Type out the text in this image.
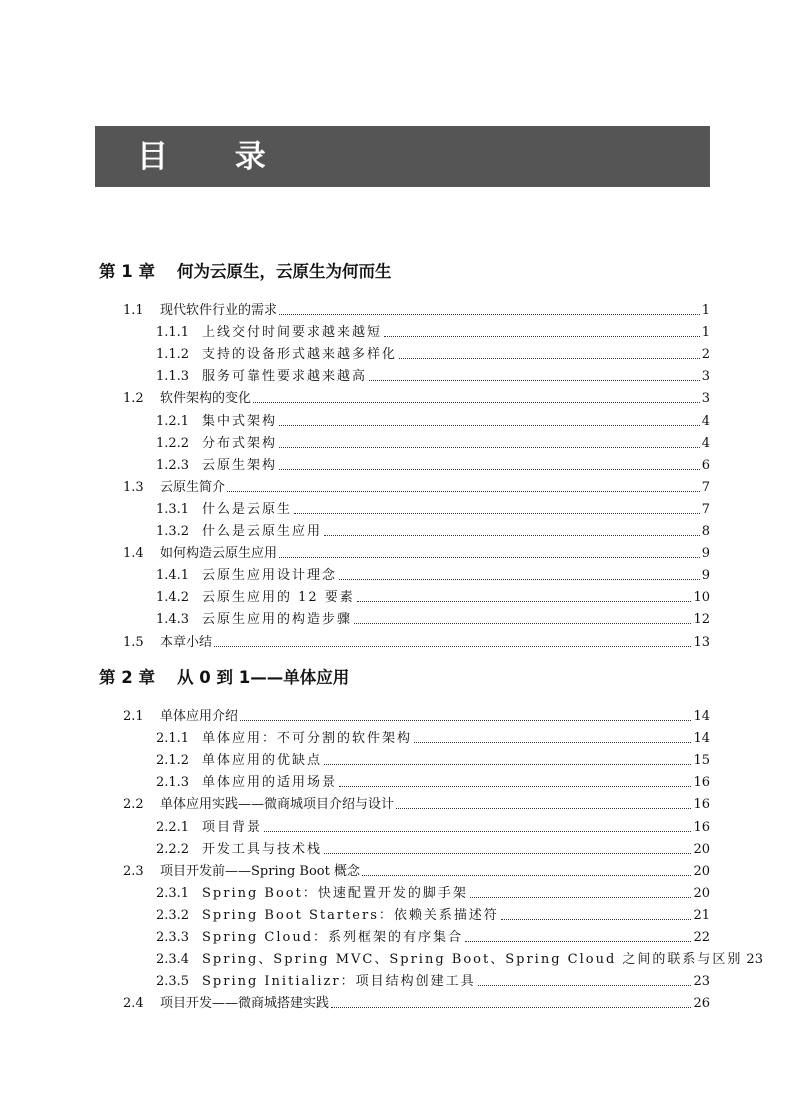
目 录
第 1 章 何为云原生，云原生为何而生
1.1	现代软件行业的需求	1
1.1.1 上线交付时间要求越来越短	1
1.1.2 支持的设备形式越来越多样化	2
1.1.3 服务可靠性要求越来越高	3
1.2	软件架构的变化	3
1.2.1 集中式架构	4
1.2.2 分布式架构	4
1.2.3 云原生架构	6
1.3	云原生简介	7
1.3.1 什么是云原生	7
1.3.2 什么是云原生应用	8
1.4	如何构造云原生应用	9
1.4.1 云原生应用设计理念	9
1.4.2 云原生应用的 12 要素	10
1.4.3 云原生应用的构造步骤	12
1.5	本章小结	13
第 2 章 从 0 到 1——单体应用
2.1	单体应用介绍	14
2.1.1 单体应用：不可分割的软件架构	14
2.1.2 单体应用的优缺点	15
2.1.3 单体应用的适用场景	16
2.2	单体应用实践——微商城项目介绍与设计	16
2.2.1 项目背景	16
2.2.2 开发工具与技术栈	20
2.3	项目开发前——Spring Boot 概念	20
2.3.1 Spring Boot：快速配置开发的脚手架	20
2.3.2 Spring Boot Starters：依赖关系描述符	21
2.3.3 Spring Cloud：系列框架的有序集合	22
2.3.4 Spring、Spring MVC、Spring Boot、Spring Cloud 之间的联系与区别 23
2.3.5 Spring Initializr：项目结构创建工具	23
2.4	项目开发——微商城搭建实践	26
